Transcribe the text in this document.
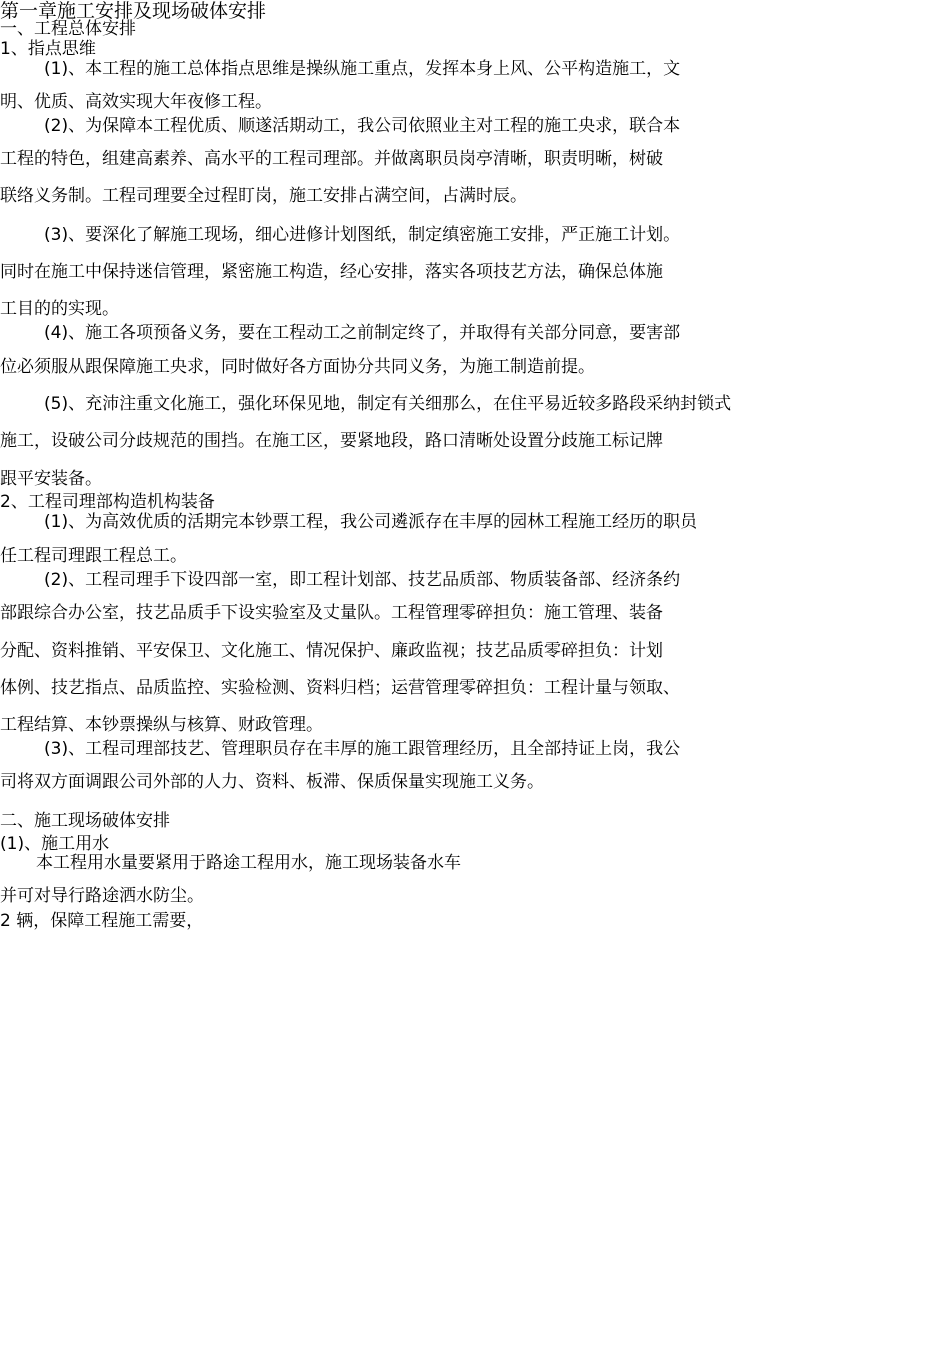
第一章施工安排及现场破体安排
一、工程总体安排
1、指点思维
(1)、本工程的施工总体指点思维是操纵施工重点，发挥本身上风、公平构造施工，文
明、优质、高效实现大年夜修工程。
(2)、为保障本工程优质、顺遂活期动工，我公司依照业主对工程的施工央求，联合本
工程的特色，组建高素养、高水平的工程司理部。并做离职员岗亭清晰，职责明晰，树破
联络义务制。工程司理要全过程盯岗，施工安排占满空间，占满时辰。
(3)、要深化了解施工现场，细心进修计划图纸，制定缜密施工安排，严正施工计划。
同时在施工中保持迷信管理，紧密施工构造，经心安排，落实各项技艺方法，确保总体施
工目的的实现。
(4)、施工各项预备义务，要在工程动工之前制定终了，并取得有关部分同意，要害部
位必须服从跟保障施工央求，同时做好各方面协分共同义务，为施工制造前提。
(5)、充沛注重文化施工，强化环保见地，制定有关细那么，在住平易近较多路段采纳封锁式
施工，设破公司分歧规范的围挡。在施工区，要紧地段，路口清晰处设置分歧施工标记牌
跟平安装备。
2、工程司理部构造机构装备
(1)、为高效优质的活期完本钞票工程，我公司遴派存在丰厚的园林工程施工经历的职员
任工程司理跟工程总工。
(2)、工程司理手下设四部一室，即工程计划部、技艺品质部、物质装备部、经济条约
部跟综合办公室，技艺品质手下设实验室及丈量队。工程管理零碎担负：施工管理、装备
分配、资料推销、平安保卫、文化施工、情况保护、廉政监视；技艺品质零碎担负：计划
体例、技艺指点、品质监控、实验检测、资料归档；运营管理零碎担负：工程计量与领取、
工程结算、本钞票操纵与核算、财政管理。
(3)、工程司理部技艺、管理职员存在丰厚的施工跟管理经历，且全部持证上岗，我公
司将双方面调跟公司外部的人力、资料、板滞、保质保量实现施工义务。
二、施工现场破体安排
(1)、施工用水
本工程用水量要紧用于路途工程用水，施工现场装备水车
并可对导行路途洒水防尘。
2 辆，保障工程施工需要，
